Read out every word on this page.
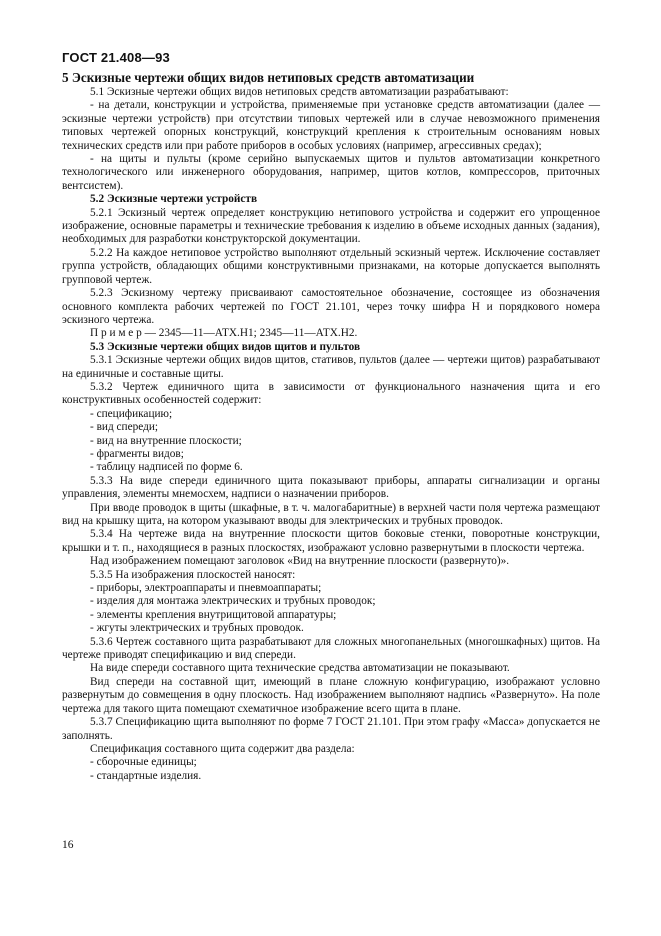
ГОСТ 21.408—93

5 Эскизные чертежи общих видов нетиповых средств автоматизации

5.1 Эскизные чертежи общих видов нетиповых средств автоматизации разрабатывают:

- на детали, конструкции и устройства, применяемые при установке средств автоматизации (далее — эскизные чертежи устройств) при отсутствии типовых чертежей или в случае невозможного применения типовых чертежей опорных конструкций, конструкций крепления к строительным основаниям новых технических средств или при работе приборов в особых условиях (например, агрессивных средах);

- на щиты и пульты (кроме серийно выпускаемых щитов и пультов автоматизации конкретного технологического или инженерного оборудования, например, щитов котлов, компрессоров, приточных вентсистем).

5.2 Эскизные чертежи устройств

5.2.1 Эскизный чертеж определяет конструкцию нетипового устройства и содержит его упрощенное изображение, основные параметры и технические требования к изделию в объеме исходных данных (задания), необходимых для разработки конструкторской документации.

5.2.2 На каждое нетиповое устройство выполняют отдельный эскизный чертеж. Исключение составляет группа устройств, обладающих общими конструктивными признаками, на которые допускается выполнять групповой чертеж.

5.2.3 Эскизному чертежу присваивают самостоятельное обозначение, состоящее из обозначения основного комплекта рабочих чертежей по ГОСТ 21.101, через точку шифра Н и порядкового номера эскизного чертежа.

П р и м е р — 2345—11—АТХ.Н1; 2345—11—АТХ.Н2.

5.3 Эскизные чертежи общих видов щитов и пультов

5.3.1 Эскизные чертежи общих видов щитов, стативов, пультов (далее — чертежи щитов) разрабатывают на единичные и составные щиты.

5.3.2 Чертеж единичного щита в зависимости от функционального назначения щита и его конструктивных особенностей содержит:

- спецификацию;

- вид спереди;

- вид на внутренние плоскости;

- фрагменты видов;

- таблицу надписей по форме 6.

5.3.3 На виде спереди единичного щита показывают приборы, аппараты сигнализации и органы управления, элементы мнемосхем, надписи о назначении приборов.

При вводе проводок в щиты (шкафные, в т. ч. малогабаритные) в верхней части поля чертежа размещают вид на крышку щита, на котором указывают вводы для электрических и трубных проводок.

5.3.4 На чертеже вида на внутренние плоскости щитов боковые стенки, поворотные конструкции, крышки и т. п., находящиеся в разных плоскостях, изображают условно развернутыми в плоскости чертежа.

Над изображением помещают заголовок «Вид на внутренние плоскости (развернуто)».

5.3.5 На изображения плоскостей наносят:

- приборы, электроаппараты и пневмоаппараты;

- изделия для монтажа электрических и трубных проводок;

- элементы крепления внутрищитовой аппаратуры;

- жгуты электрических и трубных проводок.

5.3.6 Чертеж составного щита разрабатывают для сложных многопанельных (многошкафных) щитов. На чертеже приводят спецификацию и вид спереди.

На виде спереди составного щита технические средства автоматизации не показывают.

Вид спереди на составной щит, имеющий в плане сложную конфигурацию, изображают условно развернутым до совмещения в одну плоскость. Над изображением выполняют надпись «Развернуто». На поле чертежа для такого щита помещают схематичное изображение всего щита в плане.

5.3.7 Спецификацию щита выполняют по форме 7 ГОСТ 21.101. При этом графу «Масса» допускается не заполнять.

Спецификация составного щита содержит два раздела:

- сборочные единицы;

- стандартные изделия.

16
